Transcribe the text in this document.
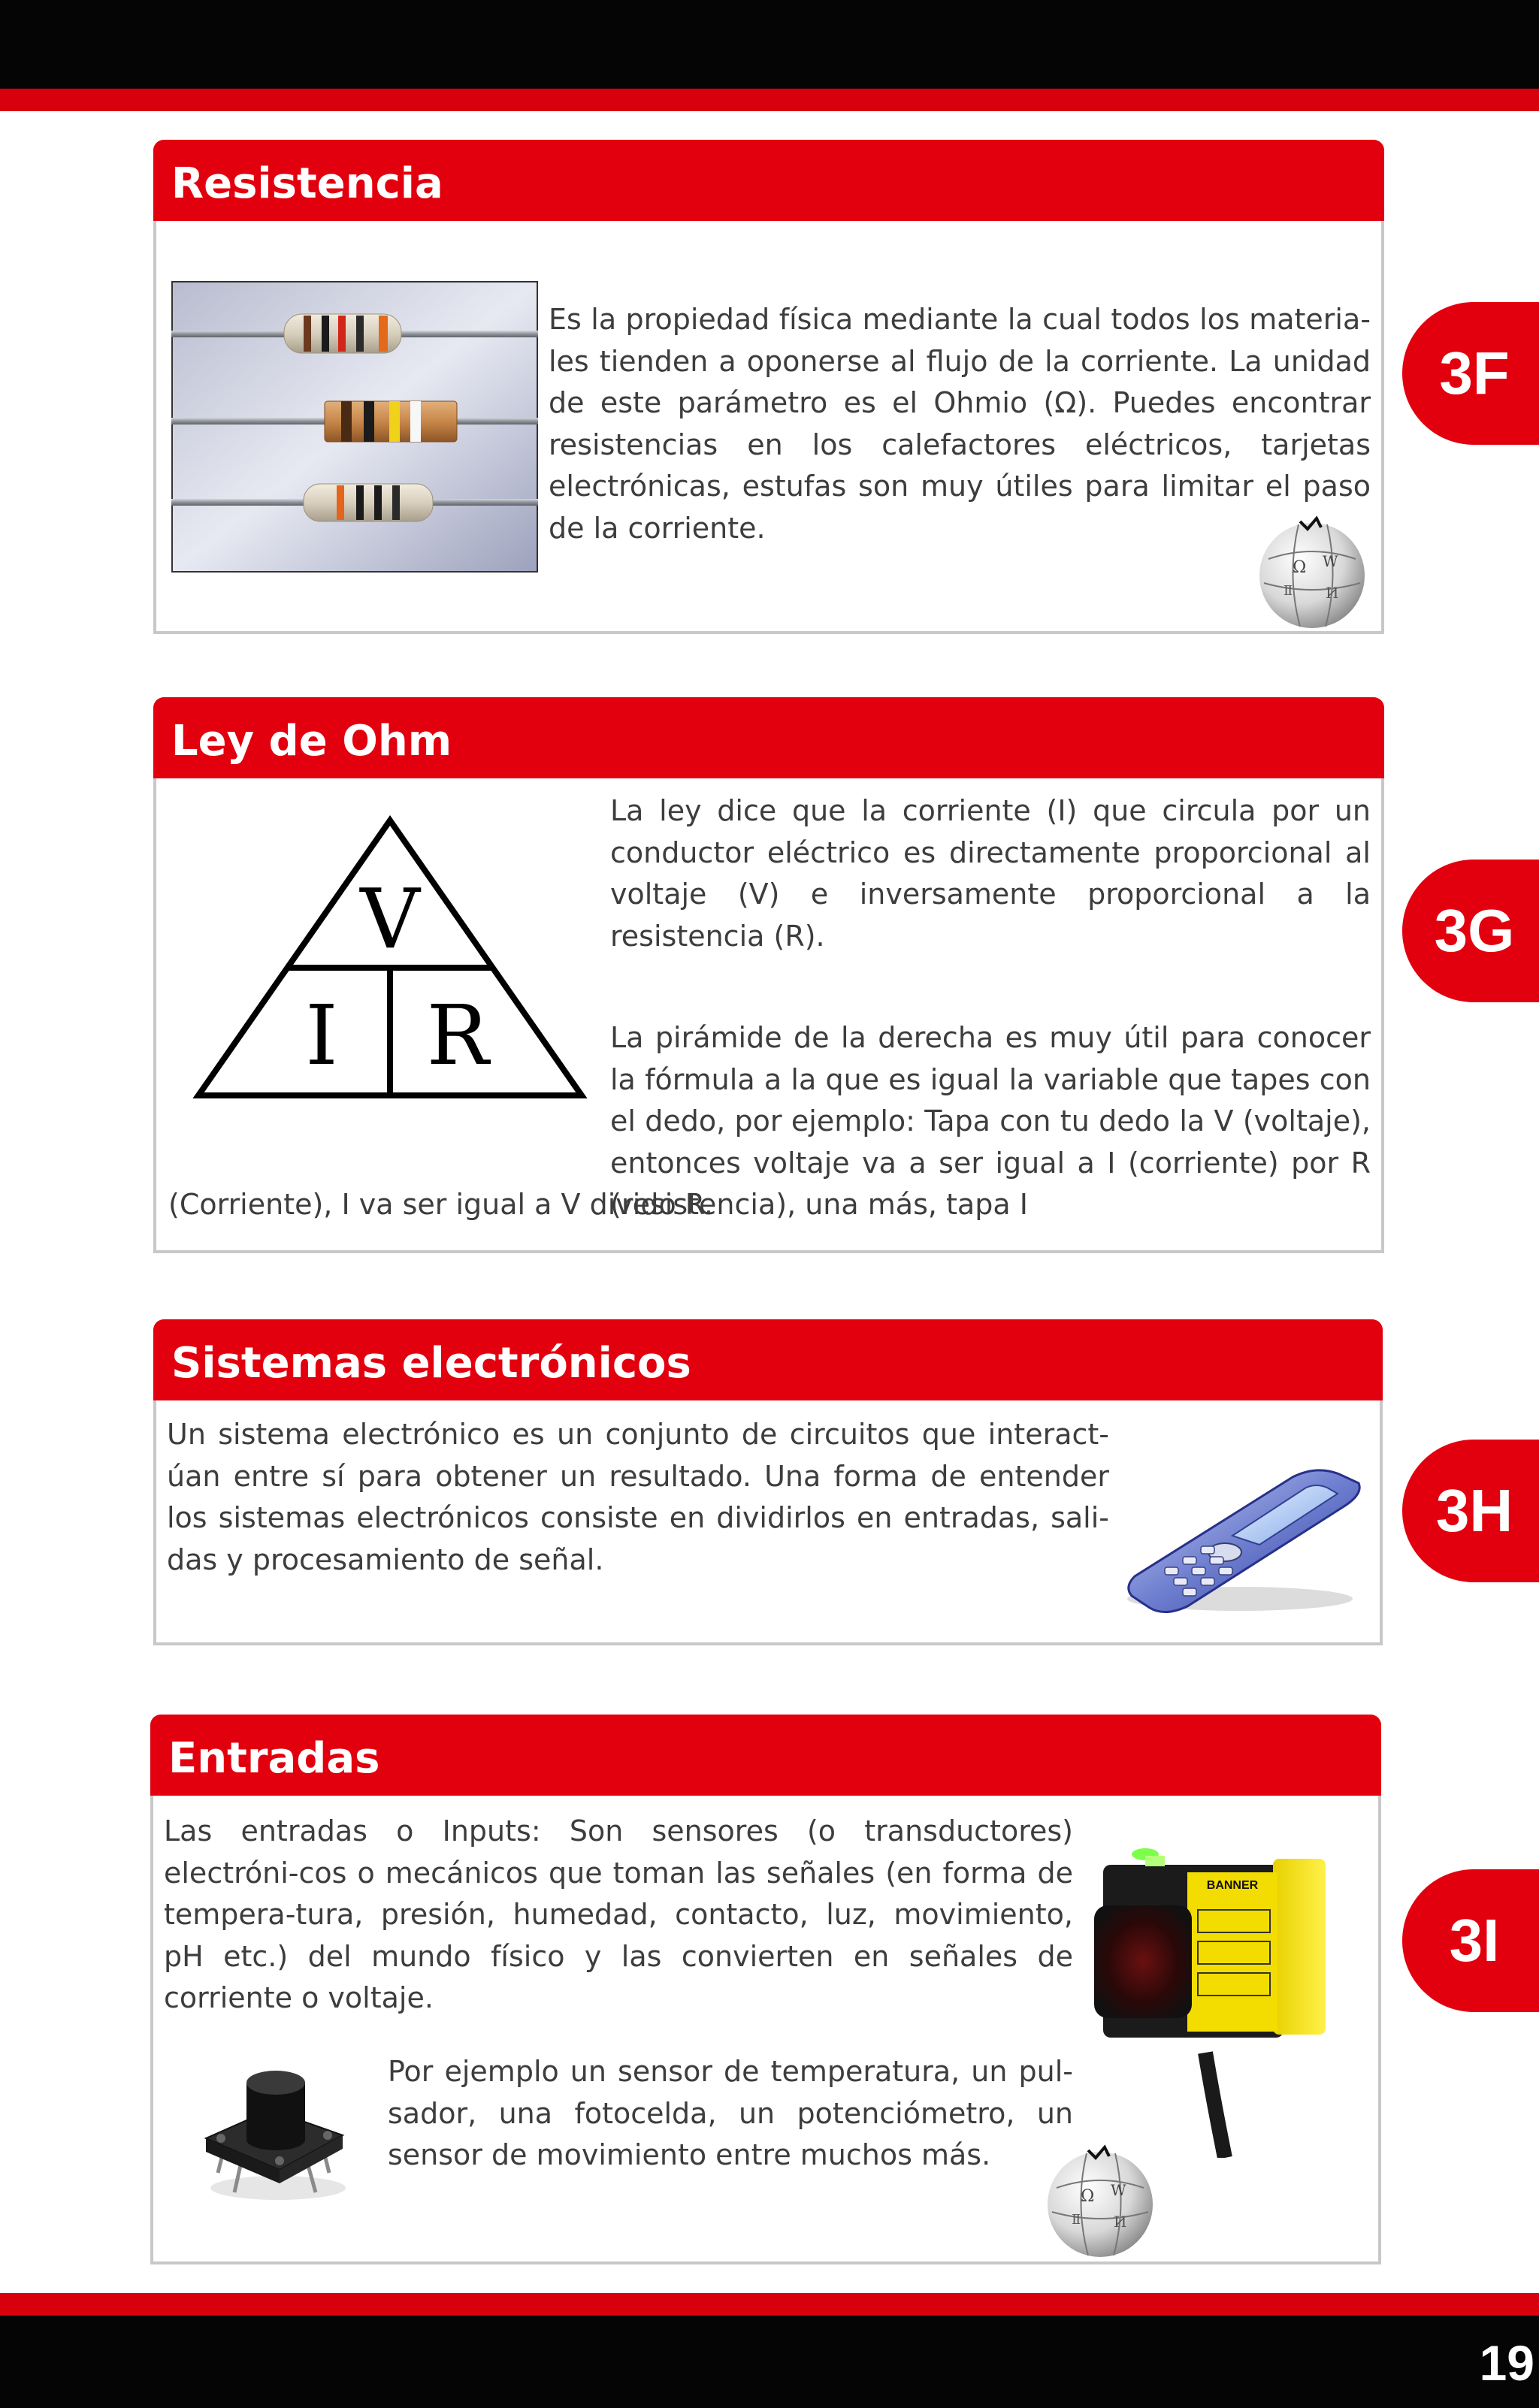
Resistencia
Es la propiedad física mediante la cual todos los materia-les tienden a oponerse al flujo de la corriente. La unidad de este parámetro es el Ohmio (Ω). Puedes encontrar resistencias en los calefactores eléctricos, tarjetas electrónicas, estufas son muy útiles para limitar el paso de la corriente.
Ω W
Ⅱ И
3F
Ley de Ohm
V
I R
La ley dice que la corriente (I) que circula por un conductor eléctrico es directamente proporcional al voltaje (V) e inversamente proporcional a la resistencia (R).
La pirámide de la derecha es muy útil para conocer la fórmula a la que es igual la variable que tapes con el dedo, por ejemplo: Tapa con tu dedo la V (voltaje), entonces voltaje va a ser igual a I (corriente) por R (resistencia), una más, tapa I
(Corriente), I va ser igual a V divido R.
3G
Sistemas electrónicos
Un sistema electrónico es un conjunto de circuitos que interact-úan entre sí para obtener un resultado. Una forma de entender los sistemas electrónicos consiste en dividirlos en entradas, sali-das y procesamiento de señal.
3H
Entradas
Las entradas o Inputs: Son sensores (o transductores) electróni-cos o mecánicos que toman las señales (en forma de tempera-tura, presión, humedad, contacto, luz, movimiento, pH etc.) del mundo físico y las convierten en señales de corriente o voltaje.
Por ejemplo un sensor de temperatura, un pul-sador, una fotocelda, un potenciómetro, un sensor de movimiento entre muchos más.
BANNER
Ω W
Ⅱ И
3I
19
